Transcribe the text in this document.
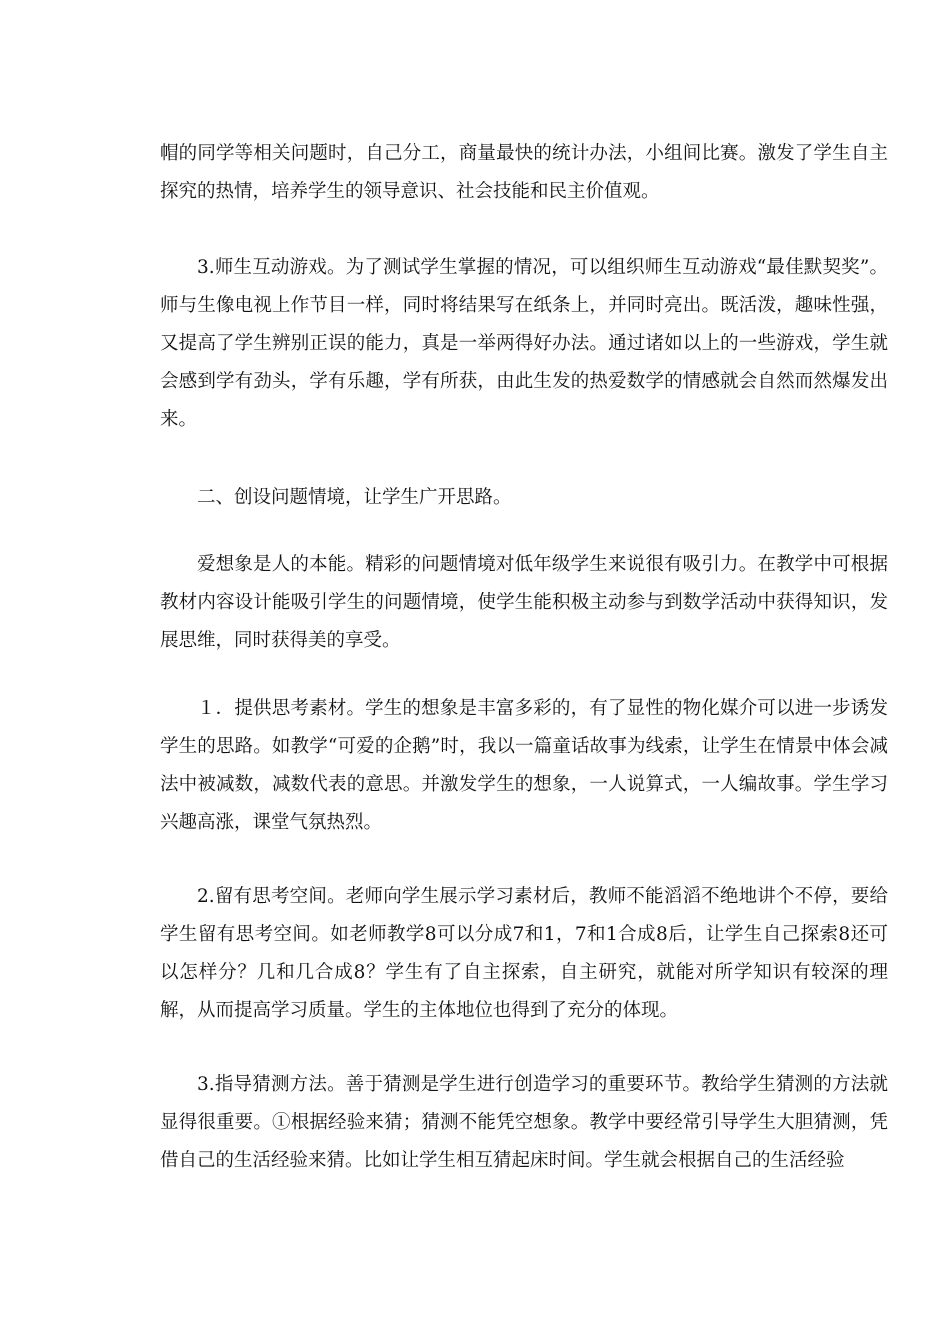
帽的同学等相关问题时，自己分工，商量最快的统计办法，小组间比赛。激发了学生自主探究的热情，培养学生的领导意识、社会技能和民主价值观。

3.师生互动游戏。为了测试学生掌握的情况，可以组织师生互动游戏“最佳默契奖”。师与生像电视上作节目一样，同时将结果写在纸条上，并同时亮出。既活泼，趣味性强，又提高了学生辨别正误的能力，真是一举两得好办法。通过诸如以上的一些游戏，学生就会感到学有劲头，学有乐趣，学有所获，由此生发的热爱数学的情感就会自然而然爆发出来。

二、创设问题情境，让学生广开思路。

爱想象是人的本能。精彩的问题情境对低年级学生来说很有吸引力。在教学中可根据教材内容设计能吸引学生的问题情境，使学生能积极主动参与到数学活动中获得知识，发展思维，同时获得美的享受。

１．提供思考素材。学生的想象是丰富多彩的，有了显性的物化媒介可以进一步诱发学生的思路。如教学“可爱的企鹅”时，我以一篇童话故事为线索，让学生在情景中体会减法中被减数，减数代表的意思。并激发学生的想象，一人说算式，一人编故事。学生学习兴趣高涨，课堂气氛热烈。

2.留有思考空间。老师向学生展示学习素材后，教师不能滔滔不绝地讲个不停，要给学生留有思考空间。如老师教学8可以分成7和1，7和1合成8后，让学生自己探索8还可以怎样分？几和几合成8？学生有了自主探索，自主研究，就能对所学知识有较深的理解，从而提高学习质量。学生的主体地位也得到了充分的体现。

3.指导猜测方法。善于猜测是学生进行创造学习的重要环节。教给学生猜测的方法就显得很重要。①根据经验来猜；猜测不能凭空想象。教学中要经常引导学生大胆猜测，凭借自己的生活经验来猜。比如让学生相互猜起床时间。学生就会根据自己的生活经验
